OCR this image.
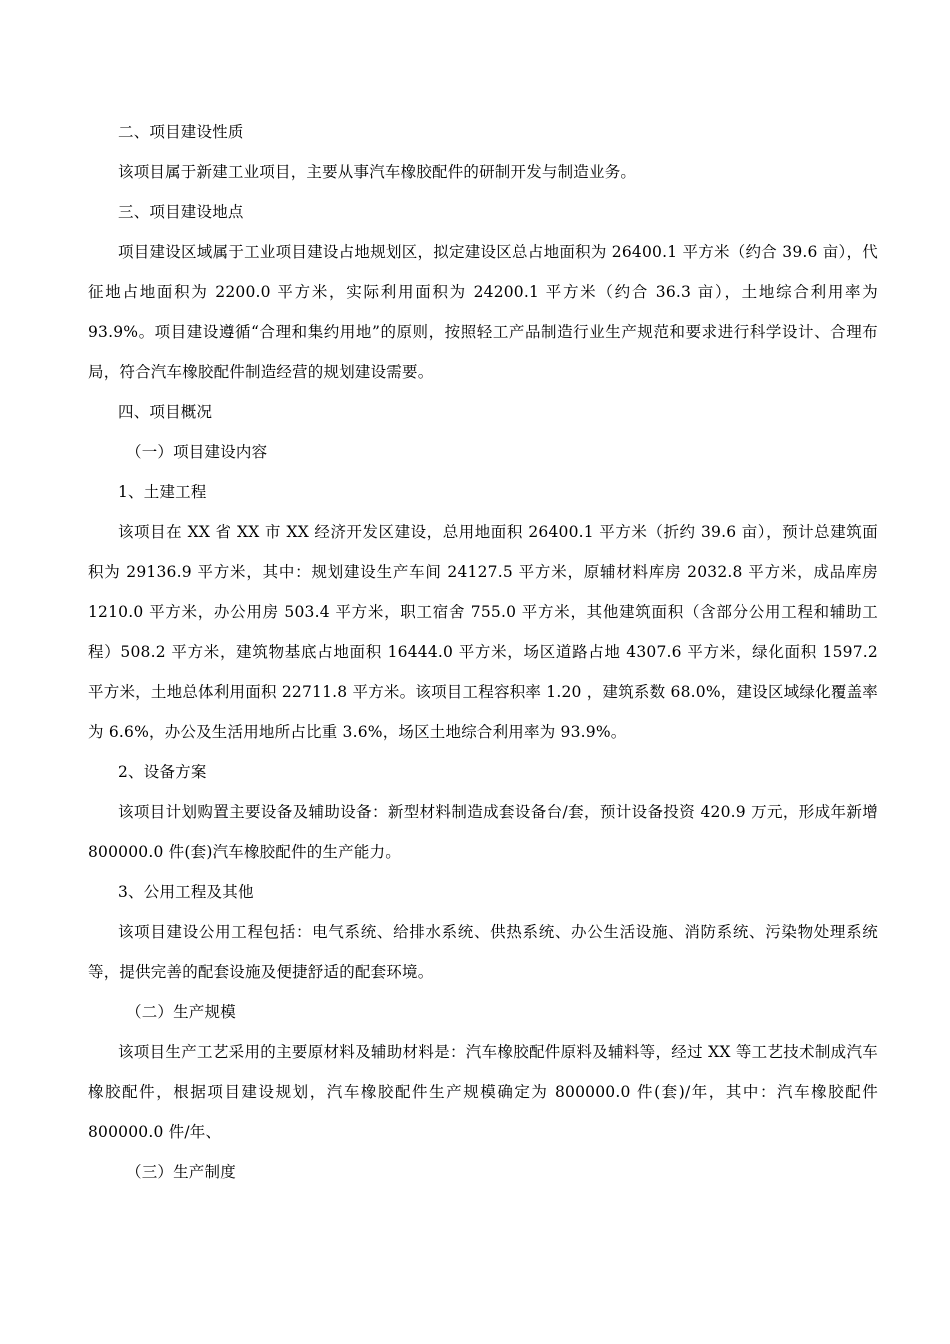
二、项目建设性质

该项目属于新建工业项目，主要从事汽车橡胶配件的研制开发与制造业务。

三、项目建设地点

项目建设区域属于工业项目建设占地规划区，拟定建设区总占地面积为 26400.1 平方米（约合 39.6 亩），代征地占地面积为 2200.0 平方米，实际利用面积为 24200.1 平方米（约合 36.3 亩），土地综合利用率为 93.9%。项目建设遵循“合理和集约用地”的原则，按照轻工产品制造行业生产规范和要求进行科学设计、合理布局，符合汽车橡胶配件制造经营的规划建设需要。

四、项目概况
（一）项目建设内容
1、土建工程

该项目在 XX 省 XX 市 XX 经济开发区建设，总用地面积 26400.1 平方米（折约 39.6 亩），预计总建筑面积为 29136.9 平方米，其中：规划建设生产车间 24127.5 平方米，原辅材料库房 2032.8 平方米，成品库房 1210.0 平方米，办公用房 503.4 平方米，职工宿舍 755.0 平方米，其他建筑面积（含部分公用工程和辅助工程）508.2 平方米，建筑物基底占地面积 16444.0 平方米，场区道路占地 4307.6 平方米，绿化面积 1597.2 平方米，土地总体利用面积 22711.8 平方米。该项目工程容积率 1.20 ，建筑系数 68.0%，建设区域绿化覆盖率为 6.6%，办公及生活用地所占比重 3.6%，场区土地综合利用率为 93.9%。

2、设备方案

该项目计划购置主要设备及辅助设备：新型材料制造成套设备台/套，预计设备投资 420.9 万元，形成年新增 800000.0 件(套)汽车橡胶配件的生产能力。

3、公用工程及其他

该项目建设公用工程包括：电气系统、给排水系统、供热系统、办公生活设施、消防系统、污染物处理系统等，提供完善的配套设施及便捷舒适的配套环境。

（二）生产规模

该项目生产工艺采用的主要原材料及辅助材料是：汽车橡胶配件原料及辅料等，经过 XX 等工艺技术制成汽车橡胶配件，根据项目建设规划，汽车橡胶配件生产规模确定为 800000.0 件(套)/年，其中：汽车橡胶配件 800000.0 件/年、

（三）生产制度
